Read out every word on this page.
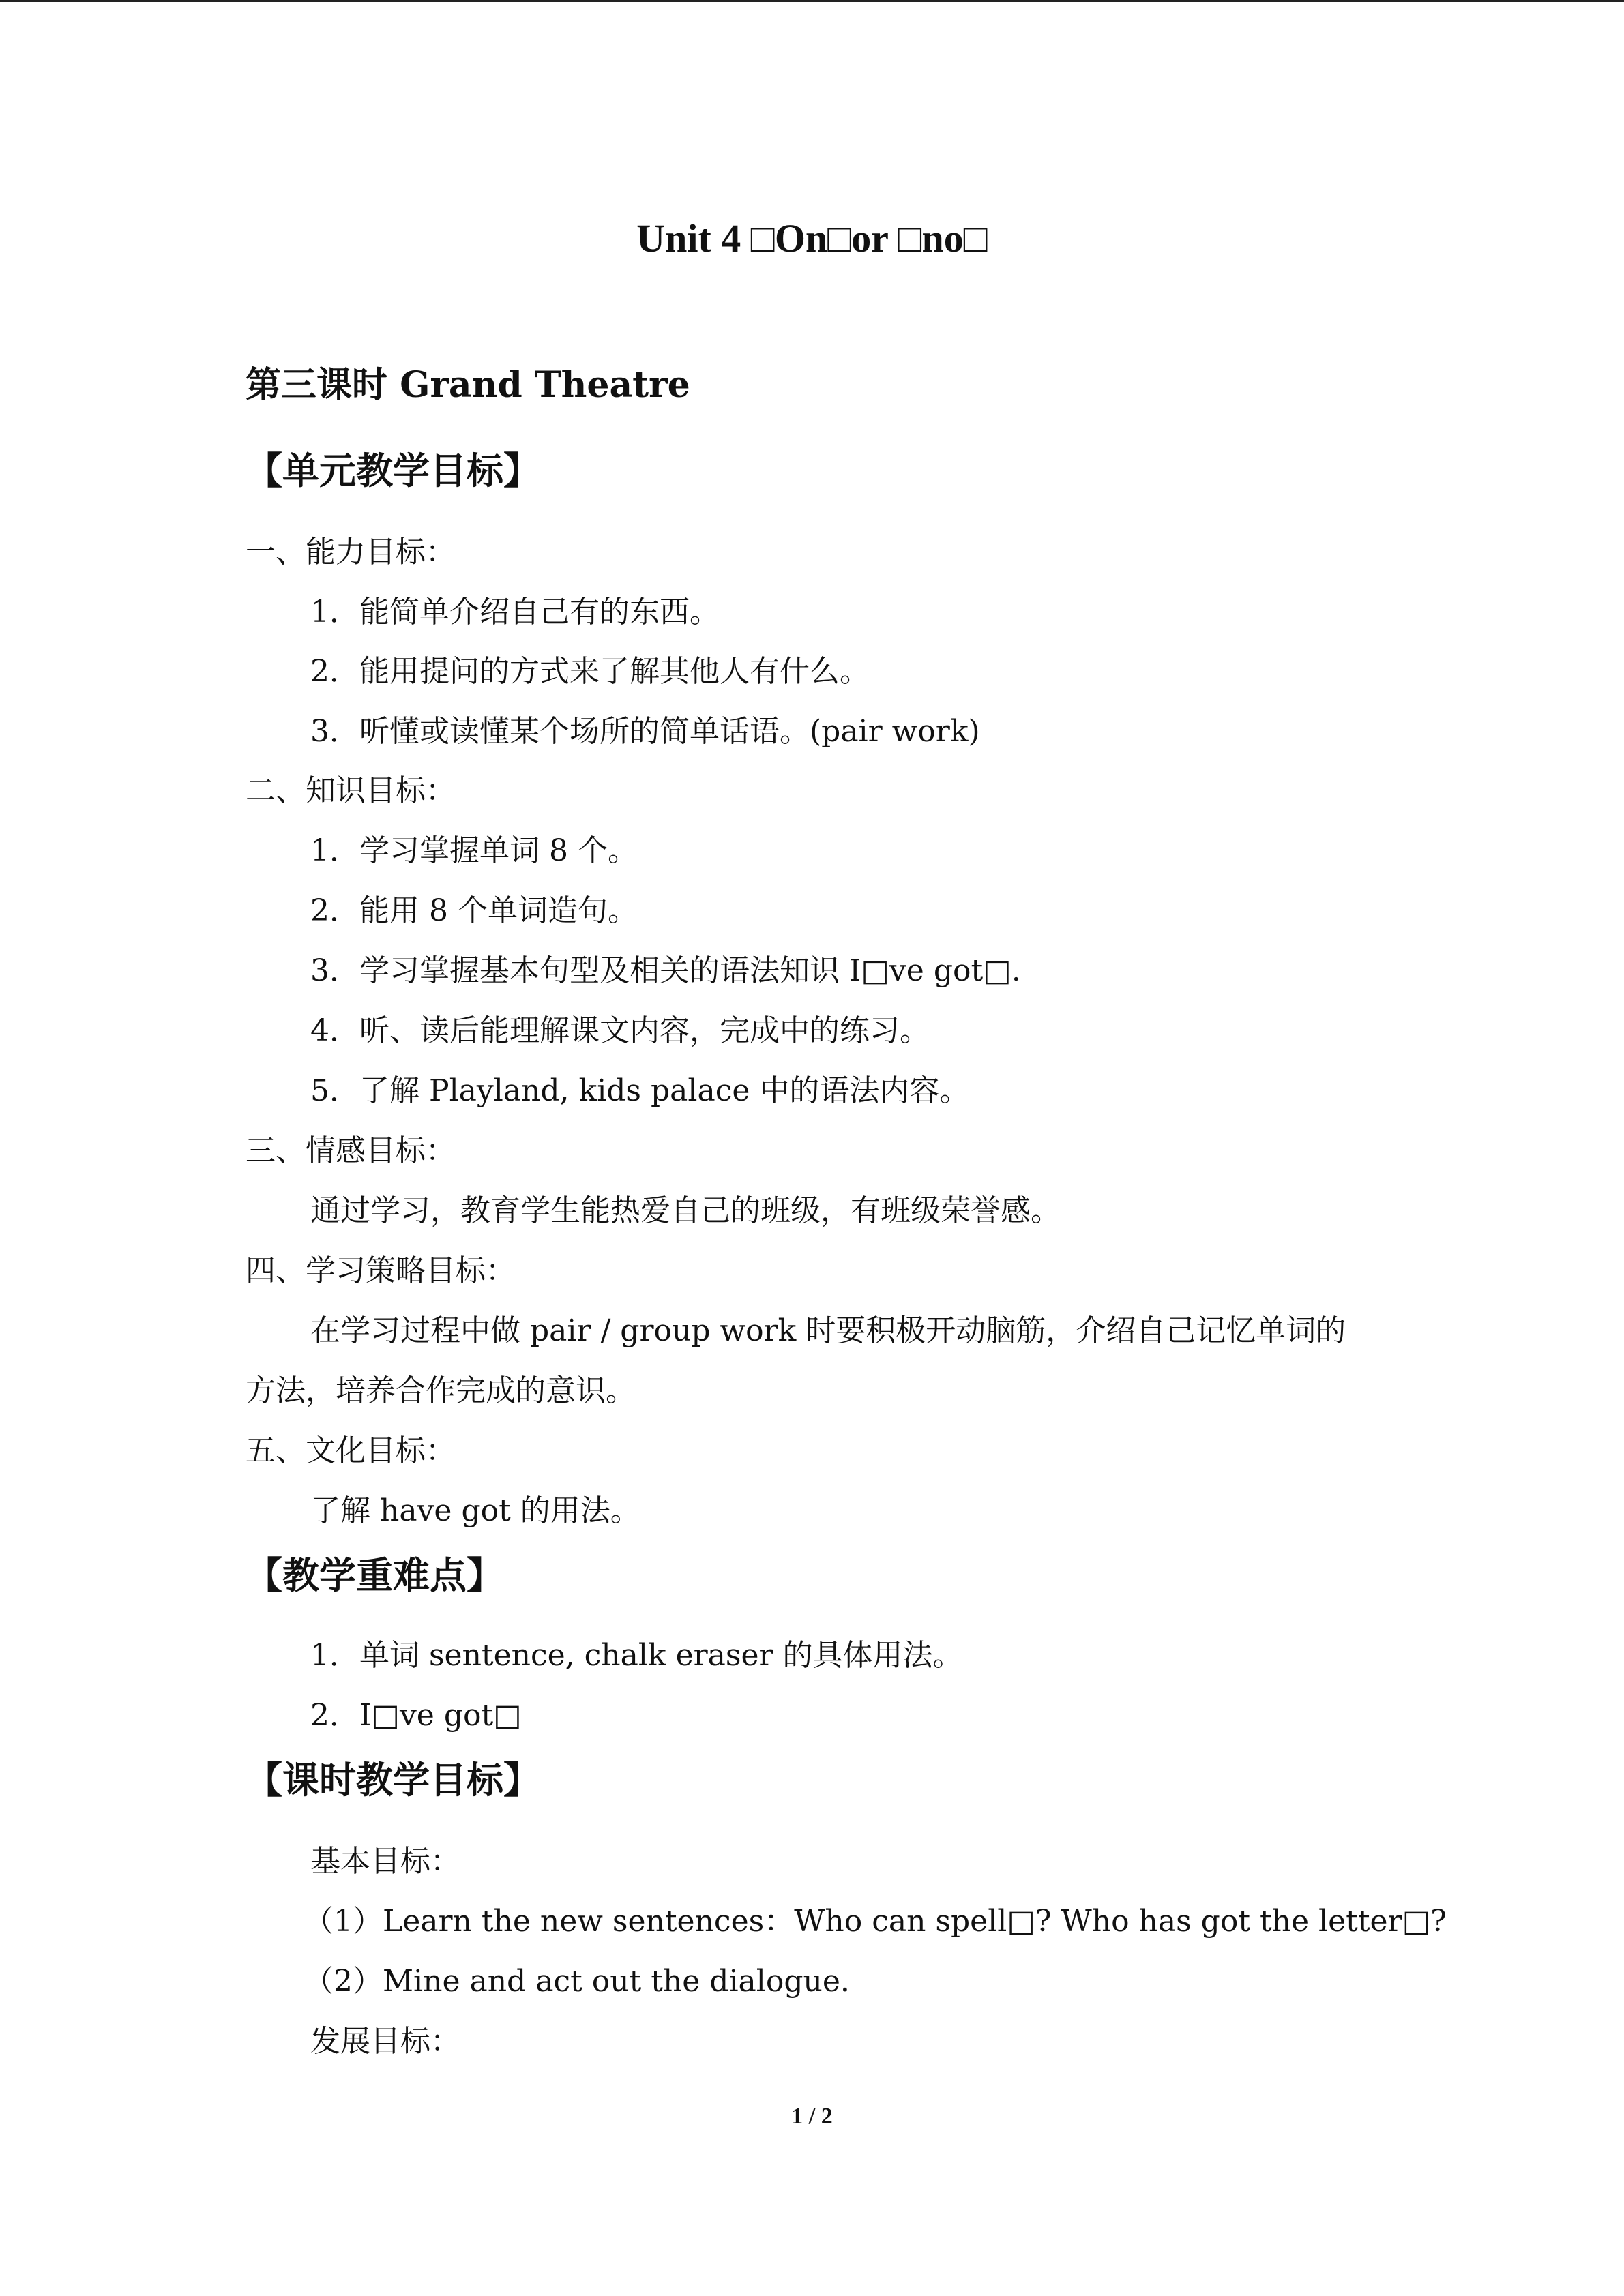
Unit 4 □On□or □no□
第三课时 Grand Theatre
【单元教学目标】
一、能力目标：
1．能简单介绍自己有的东西。
2．能用提问的方式来了解其他人有什么。
3．听懂或读懂某个场所的简单话语。(pair work)
二、知识目标：
1．学习掌握单词 8 个。
2．能用 8 个单词造句。
3．学习掌握基本句型及相关的语法知识 I□ve got□.
4．听、读后能理解课文内容，完成中的练习。
5．了解 Playland, kids palace 中的语法内容。
三、情感目标：
通过学习，教育学生能热爱自己的班级，有班级荣誉感。
四、学习策略目标：
在学习过程中做 pair / group work 时要积极开动脑筋，介绍自己记忆单词的
方法，培养合作完成的意识。
五、文化目标：
了解 have got 的用法。
【教学重难点】
1．单词 sentence, chalk eraser 的具体用法。
2．I□ve got□
【课时教学目标】
基本目标：
（1）Learn the new sentences：Who can spell□? Who has got the letter□?
（2）Mine and act out the dialogue.
发展目标：
1 / 2
